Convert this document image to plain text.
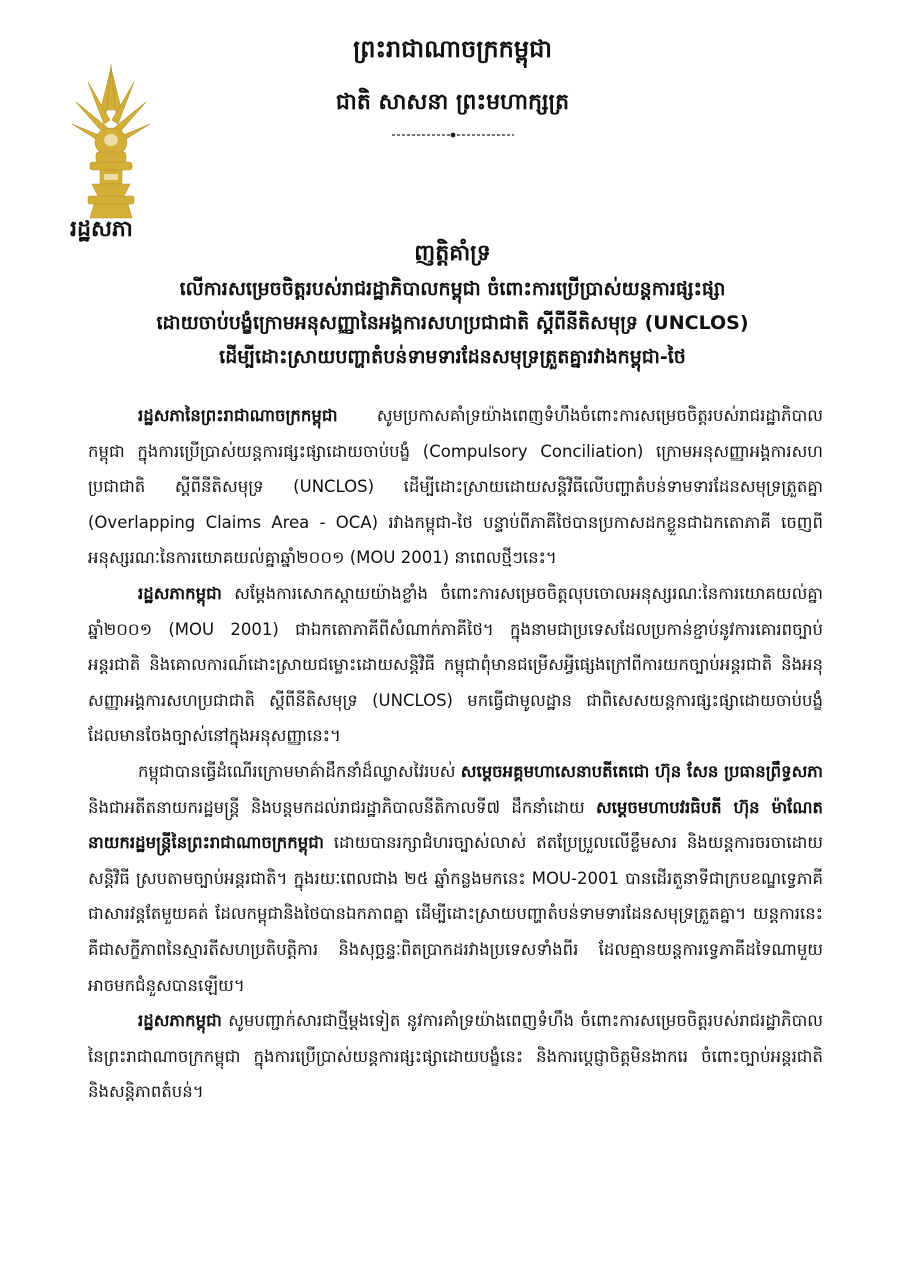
ព្រះរាជាណាចក្រកម្ពុជា
ជាតិ សាសនា ព្រះមហាក្សត្រ
រដ្ឋសភា
ញត្តិគាំទ្រ
លើការសម្រេចចិត្តរបស់រាជរដ្ឋាភិបាលកម្ពុជា ចំពោះការប្រើប្រាស់យន្តការផ្សះផ្សា
ដោយចាប់បង្ខំក្រោមអនុសញ្ញានៃអង្គការសហប្រជាជាតិ ស្តីពីនីតិសមុទ្រ (UNCLOS)
ដើម្បីដោះស្រាយបញ្ហាតំបន់ទាមទារដែនសមុទ្រត្រួតគ្នារវាងកម្ពុជា-ថៃ

រដ្ឋសភានៃព្រះរាជាណាចក្រកម្ពុជា សូមប្រកាសគាំទ្រយ៉ាងពេញទំហឹងចំពោះការសម្រេចចិត្តរបស់រាជរដ្ឋាភិបាលកម្ពុជា ក្នុងការប្រើប្រាស់យន្តការផ្សះផ្សាដោយចាប់បង្ខំ (Compulsory Conciliation) ក្រោមអនុសញ្ញាអង្គការសហប្រជាជាតិ ស្តីពីនីតិសមុទ្រ (UNCLOS) ដើម្បីដោះស្រាយដោយសន្តិវិធីលើបញ្ហាតំបន់ទាមទារដែនសមុទ្រត្រួតគ្នា (Overlapping Claims Area - OCA) រវាងកម្ពុជា-ថៃ បន្ទាប់ពីភាគីថៃបានប្រកាសដកខ្លួនជាឯកតោភាគី ចេញពីអនុស្សរណៈនៃការយោគយល់គ្នាឆ្នាំ២០០១ (MOU 2001) នាពេលថ្មីៗនេះ។

រដ្ឋសភាកម្ពុជា សម្តែងការសោកស្តាយយ៉ាងខ្លាំង ចំពោះការសម្រេចចិត្តលុបចោលអនុស្សរណៈនៃការយោគយល់គ្នាឆ្នាំ២០០១ (MOU 2001) ជាឯកតោភាគីពីសំណាក់ភាគីថៃ។ ក្នុងនាមជាប្រទេសដែលប្រកាន់ខ្ជាប់នូវការគោរពច្បាប់អន្តរជាតិ និងគោលការណ៍ដោះស្រាយជម្លោះដោយសន្តិវិធី កម្ពុជាពុំមានជម្រើសអ្វីផ្សេងក្រៅពីការយកច្បាប់អន្តរជាតិ និងអនុសញ្ញាអង្គការសហប្រជាជាតិ ស្តីពីនីតិសមុទ្រ (UNCLOS) មកធ្វើជាមូលដ្ឋាន ជាពិសេសយន្តការផ្សះផ្សាដោយចាប់បង្ខំ ដែលមានចែងច្បាស់នៅក្នុងអនុសញ្ញានេះ។

កម្ពុជាបានធ្វើដំណើរក្រោមមាគ៌ាដឹកនាំដ៏ឈ្លាសវៃរបស់ សម្តេចអគ្គមហាសេនាបតីតេជោ ហ៊ុន សែន ប្រធានព្រឹទ្ធសភា និងជាអតីតនាយករដ្ឋមន្ត្រី និងបន្តមកដល់រាជរដ្ឋាភិបាលនីតិកាលទី៧ ដឹកនាំដោយ សម្តេចមហាបវរធិបតី ហ៊ុន ម៉ាណែត នាយករដ្ឋមន្ត្រីនៃព្រះរាជាណាចក្រកម្ពុជា ដោយបានរក្សាជំហរច្បាស់លាស់ ឥតប្រែប្រួលលើខ្លឹមសារ និងយន្តការចរចាដោយសន្តិវិធី ស្របតាមច្បាប់អន្តរជាតិ។ ក្នុងរយៈពេលជាង ២៥ ឆ្នាំកន្លងមកនេះ MOU-2001 បានដើរតួនាទីជាក្របខណ្ឌទ្វេភាគីជាសារវន្តតែមួយគត់ ដែលកម្ពុជានិងថៃបានឯកភាពគ្នា ដើម្បីដោះស្រាយបញ្ហាតំបន់ទាមទារដែនសមុទ្រត្រួតគ្នា។ យន្តការនេះ គឺជាសក្ខីភាពនៃស្មារតីសហប្រតិបត្តិការ និងសុច្ឆន្ទៈពិតប្រាកដរវាងប្រទេសទាំងពីរ ដែលគ្មានយន្តការទ្វេភាគីដទៃណាមួយ អាចមកជំនួសបានឡើយ។

រដ្ឋសភាកម្ពុជា សូមបញ្ជាក់សារជាថ្មីម្តងទៀត នូវការគាំទ្រយ៉ាងពេញទំហឹង ចំពោះការសម្រេចចិត្តរបស់រាជរដ្ឋាភិបាលនៃព្រះរាជាណាចក្រកម្ពុជា ក្នុងការប្រើប្រាស់យន្តការផ្សះផ្សាដោយបង្ខំនេះ និងការប្តេជ្ញាចិត្តមិនងាករេ ចំពោះច្បាប់អន្តរជាតិ និងសន្តិភាពតំបន់។
